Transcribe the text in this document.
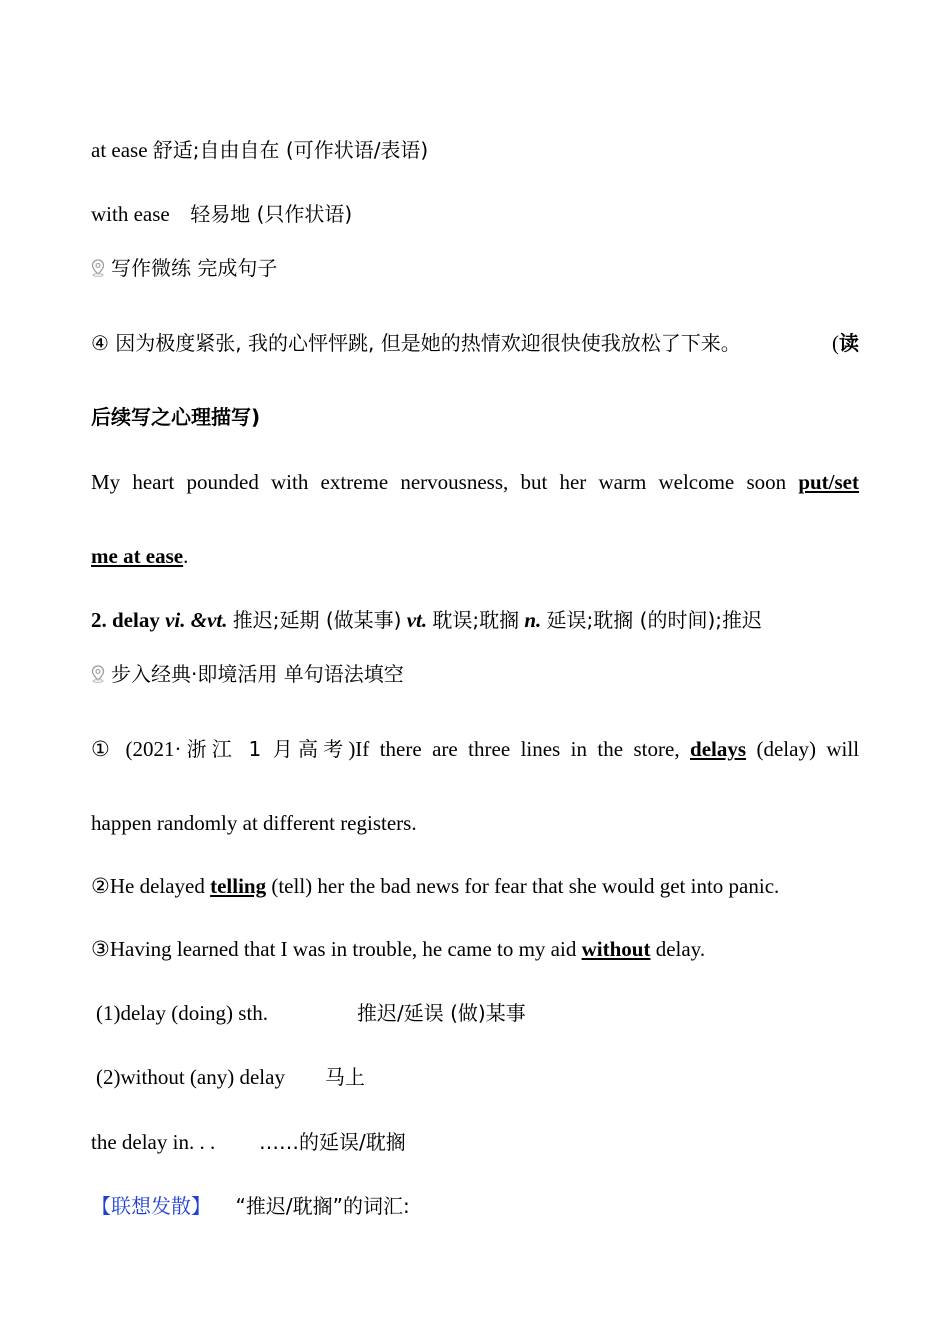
at ease 舒适;自由自在 (可作状语/表语)
with ease 轻易地 (只作状语)
写作微练 完成句子
④ 因为极度紧张, 我的心怦怦跳, 但是她的热情欢迎很快使我放松了下来。	(读
后续写之心理描写)
My heart pounded with extreme nervousness, but her warm welcome soon put/set
me at ease.
2. delay vi. &vt. 推迟;延期 (做某事) vt. 耽误;耽搁 n. 延误;耽搁 (的时间);推迟
步入经典·即境活用 单句语法填空
① (2021·浙江 1 月高考)If there are three lines in the store, delays (delay) will
happen randomly at different registers.
②He delayed telling (tell) her the bad news for fear that she would get into panic.
③Having learned that I was in trouble, he came to my aid without delay.
(1)delay (doing) sth.	推迟/延误 (做)某事
(2)without (any) delay 马上
the delay in. . . ……的延误/耽搁
【联想发散】 “推迟/耽搁”的词汇:
